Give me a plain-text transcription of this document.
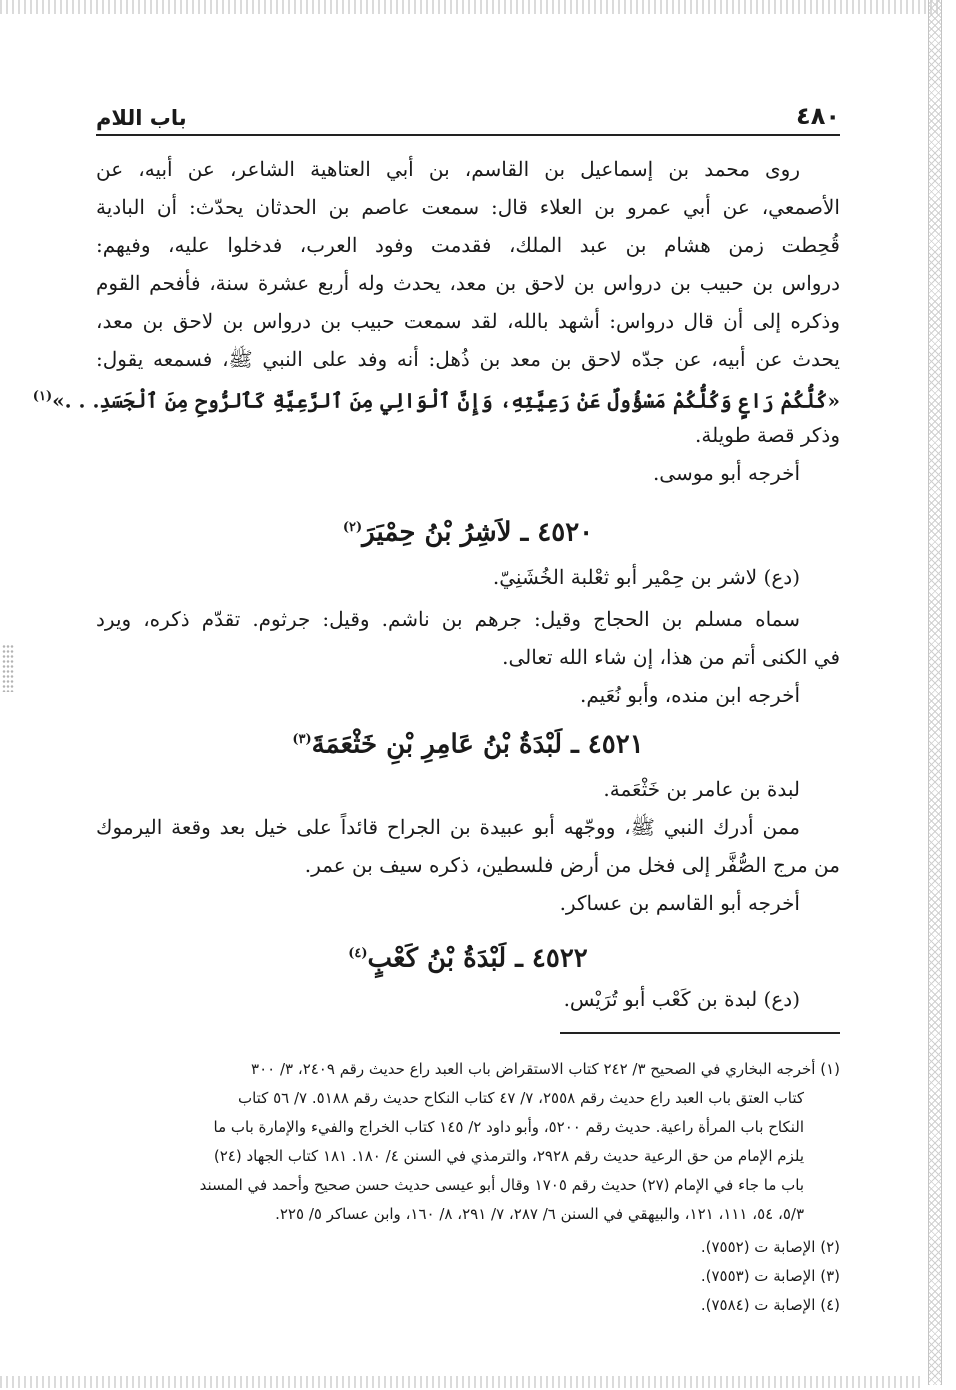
٤٨٠
باب اللام
روى محمد بن إسماعيل بن القاسم، بن أبي العتاهية الشاعر، عن أبيه، عن
الأصمعي، عن أبي عمرو بن العلاء قال: سمعت عاصم بن الحدثان يحدّث: أن البادية
قُحِطت زمن هشام بن عبد الملك، فقدمت وفود العرب، فدخلوا عليه، وفيهم:
درواس بن حبيب بن درواس بن لاحق بن معد، يحدث وله أربع عشرة سنة، فأفحم القوم
وذكره إلى أن قال درواس: أشهد بالله، لقد سمعت حبيب بن درواس بن لاحق بن معد،
يحدث عن أبيه، عن جدّه لاحق بن معد بن ذُهل: أنه وفد على النبي ﷺ، فسمعه يقول:
«كُلُّكُمْ رَاعٍ وَكُلُّكُمْ مَسْؤُولٌ عَنْ رَعِيَّتِهِ، وَإِنَّ ٱلْوَالِي مِنَ ٱلرَّعِيَّةِ كَٱلرُّوحِ مِنَ ٱلْجَسَدِ. . .»$^{(١)}$
وذكر قصة طويلة.
أخرجه أبو موسى.
٤٥٢٠ ـ لاَشِرُ بْنُ حِمْيَرَ$^{(٢)}$
(دع) لاشر بن حِمْير أبو ثعْلبة الخُشَنِيّ.
سماه مسلم بن الحجاج وقيل: جرهم بن ناشم. وقيل: جرثوم. تقدّم ذكره، ويرد
في الكنى أتم من هذا، إن شاء الله تعالى.
أخرجه ابن منده، وأبو نُعَيم.
٤٥٢١ ـ لَبْدَةُ بْنُ عَامِرِ بْنِ خَثْعَمَةَ$^{(٣)}$
لبدة بن عامر بن خَثْعَمة.
ممن أدرك النبي ﷺ، ووجّهه أبو عبيدة بن الجراح قائداً على خيل بعد وقعة اليرموك
من مرج الصُّفَّر إلى فخل من أرض فلسطين، ذكره سيف بن عمر.
أخرجه أبو القاسم بن عساكر.
٤٥٢٢ ـ لَبْدَةُ بْنُ كَعْبٍ$^{(٤)}$
(دع) لبدة بن كَعْب أبو تُرَيْس.
(١) أخرجه البخاري في الصحيح ٣/ ٢٤٢ كتاب الاستقراض باب العبد راع حديث رقم ٢٤٠٩، ٣/ ٣٠٠
كتاب العتق باب العبد راع حديث رقم ٢٥٥٨، ٧/ ٤٧ كتاب النكاح حديث رقم ٥١٨٨. ٧/ ٥٦ كتاب
النكاح باب المرأة راعية. حديث رقم ٥٢٠٠، وأبو داود ٢/ ١٤٥ كتاب الخراج والفيء والإمارة باب ما
يلزم الإمام من حق الرعية حديث رقم ٢٩٢٨، والترمذي في السنن ٤/ ١٨٠. ١٨١ كتاب الجهاد (٢٤)
باب ما جاء في الإمام (٢٧) حديث رقم ١٧٠٥ وقال أبو عيسى حديث حسن صحيح وأحمد في المسند
٥/٣، ٥٤، ١١١، ١٢١، والبيهقي في السنن ٦/ ٢٨٧، ٧/ ٢٩١، ٨/ ١٦٠، وابن عساكر ٥/ ٢٢٥.
(٢) الإصابة ت (٧٥٥٢).
(٣) الإصابة ت (٧٥٥٣).
(٤) الإصابة ت (٧٥٨٤).
